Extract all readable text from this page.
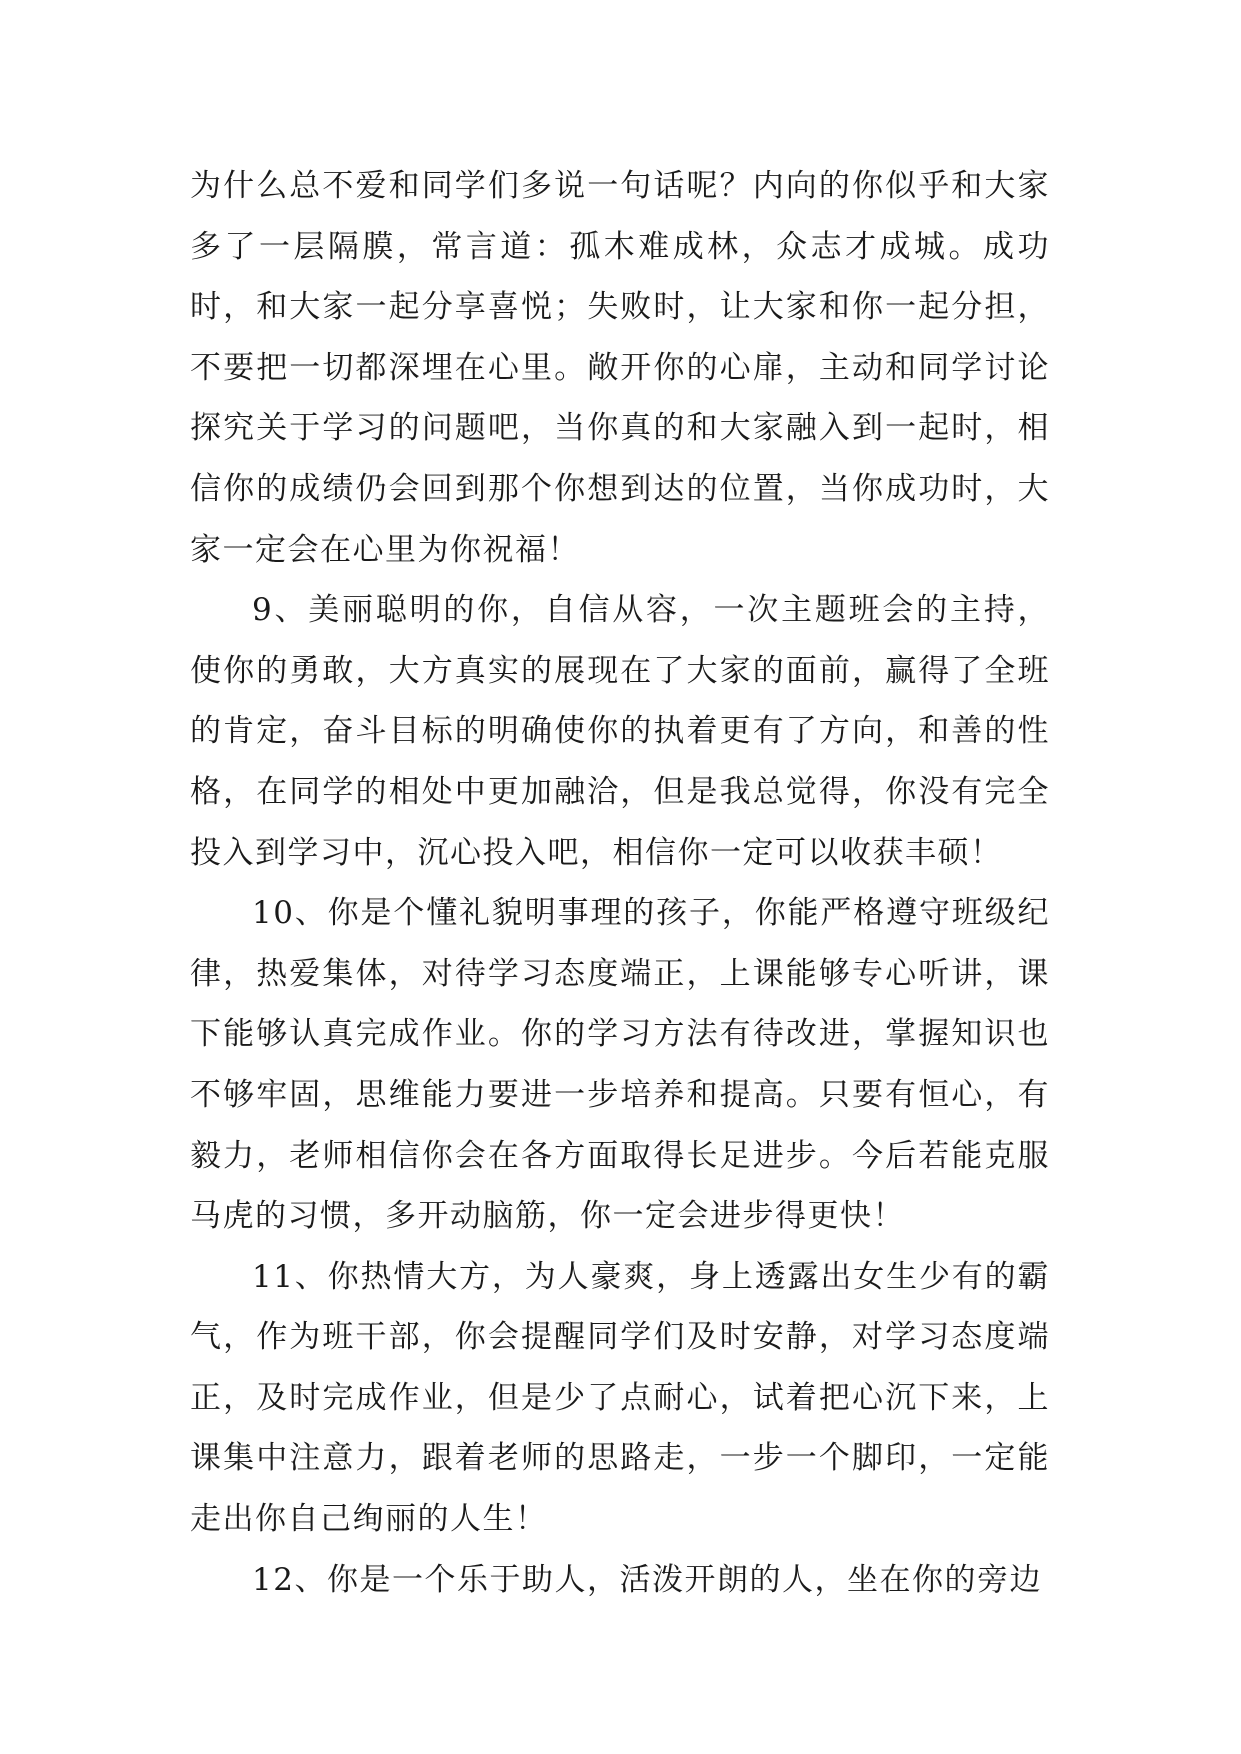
为什么总不爱和同学们多说一句话呢？内向的你似乎和大家多了一层隔膜，常言道：孤木难成林，众志才成城。成功时，和大家一起分享喜悦；失败时，让大家和你一起分担，不要把一切都深埋在心里。敞开你的心扉，主动和同学讨论探究关于学习的问题吧，当你真的和大家融入到一起时，相信你的成绩仍会回到那个你想到达的位置，当你成功时，大家一定会在心里为你祝福！

9、美丽聪明的你，自信从容，一次主题班会的主持，使你的勇敢，大方真实的展现在了大家的面前，赢得了全班的肯定，奋斗目标的明确使你的执着更有了方向，和善的性格，在同学的相处中更加融洽，但是我总觉得，你没有完全投入到学习中，沉心投入吧，相信你一定可以收获丰硕！

10、你是个懂礼貌明事理的孩子，你能严格遵守班级纪律，热爱集体，对待学习态度端正，上课能够专心听讲，课下能够认真完成作业。你的学习方法有待改进，掌握知识也不够牢固，思维能力要进一步培养和提高。只要有恒心，有毅力，老师相信你会在各方面取得长足进步。今后若能克服马虎的习惯，多开动脑筋，你一定会进步得更快！

11、你热情大方，为人豪爽，身上透露出女生少有的霸气，作为班干部，你会提醒同学们及时安静，对学习态度端正，及时完成作业，但是少了点耐心，试着把心沉下来，上课集中注意力，跟着老师的思路走，一步一个脚印，一定能走出你自己绚丽的人生！

12、你是一个乐于助人，活泼开朗的人，坐在你的旁边
